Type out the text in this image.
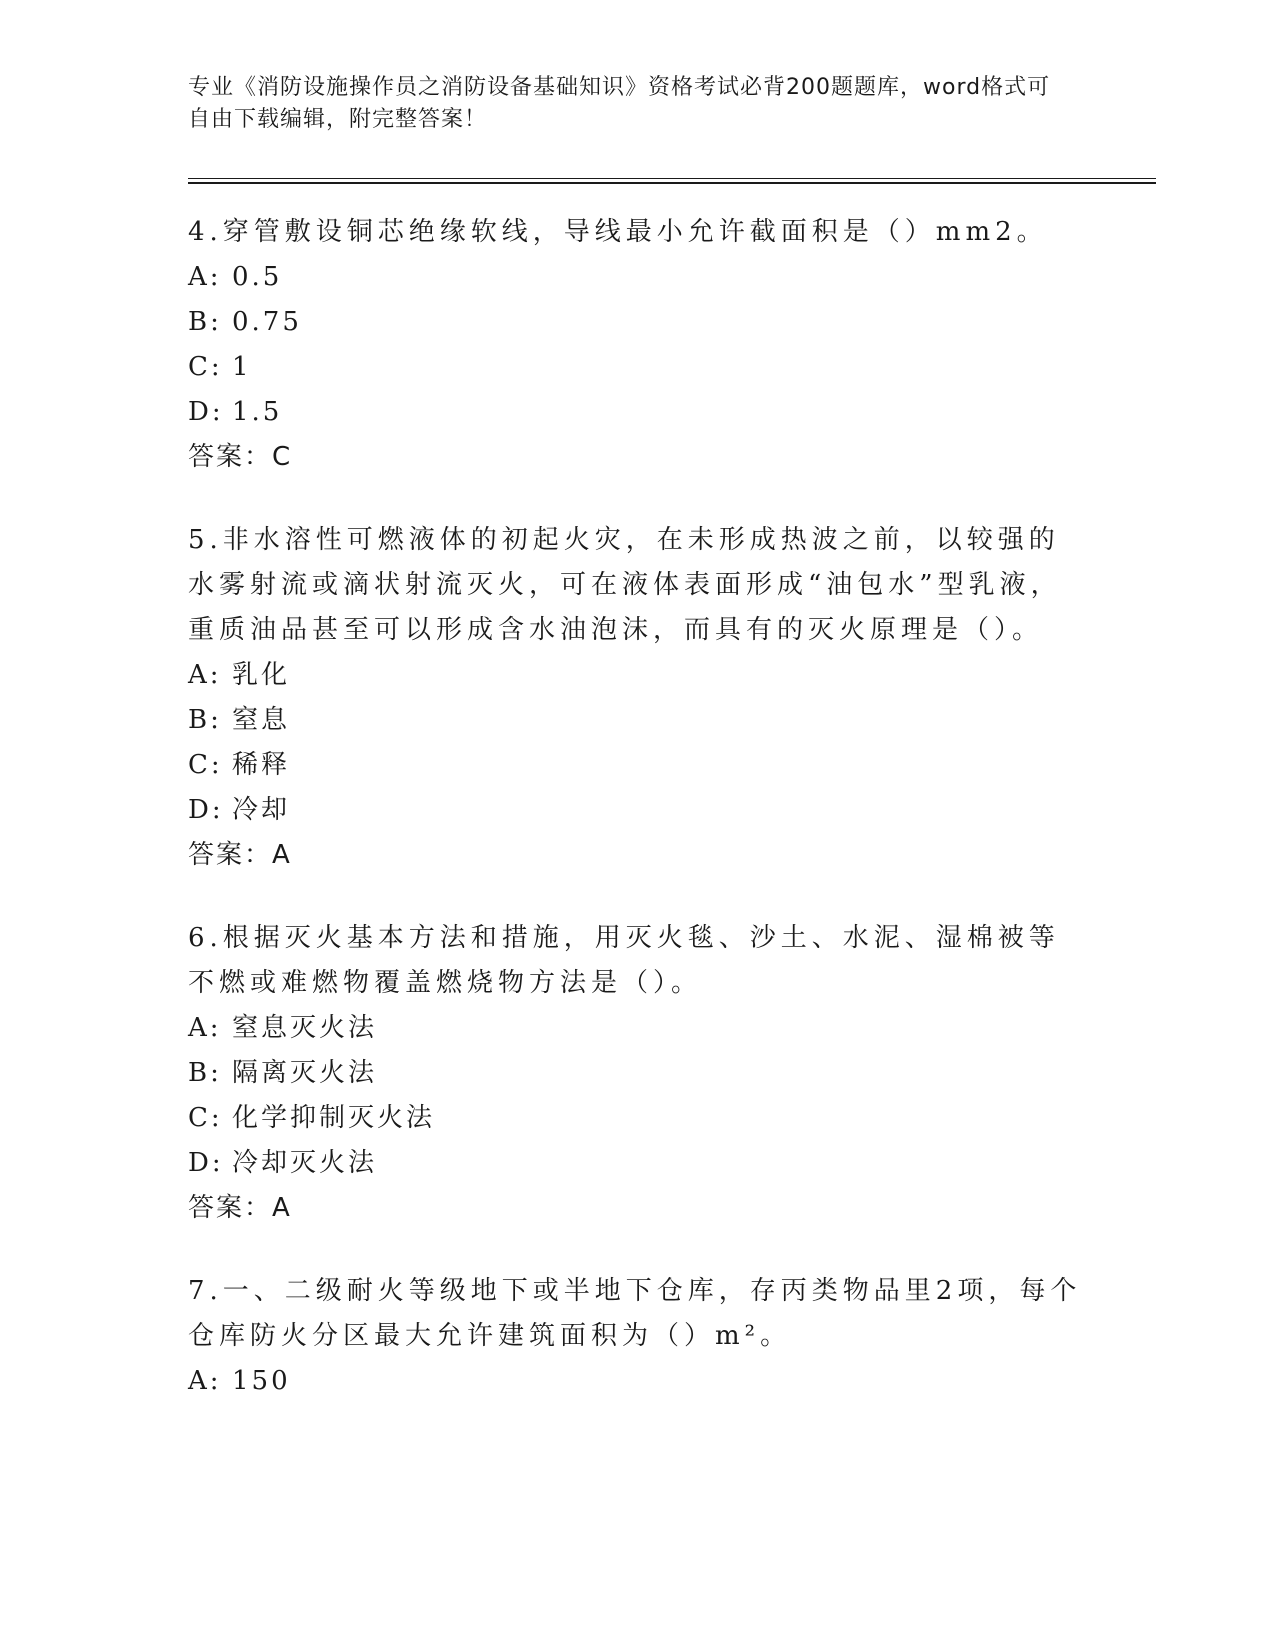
专业《消防设施操作员之消防设备基础知识》资格考试必背200题题库，word格式可自由下载编辑，附完整答案！

4.穿管敷设铜芯绝缘软线，导线最小允许截面积是（）mm2。

A: 0.5

B: 0.75

C: 1

D: 1.5

答案：C

5.非水溶性可燃液体的初起火灾，在未形成热波之前，以较强的水雾射流或滴状射流灭火，可在液体表面形成“油包水”型乳液，重质油品甚至可以形成含水油泡沫，而具有的灭火原理是（）。

A: 乳化

B: 窒息

C: 稀释

D: 冷却

答案：A

6.根据灭火基本方法和措施，用灭火毯、沙土、水泥、湿棉被等不燃或难燃物覆盖燃烧物方法是（）。

A: 窒息灭火法

B: 隔离灭火法

C: 化学抑制灭火法

D: 冷却灭火法

答案：A

7.一、二级耐火等级地下或半地下仓库，存丙类物品里2项，每个仓库防火分区最大允许建筑面积为（）m²。

A: 150
